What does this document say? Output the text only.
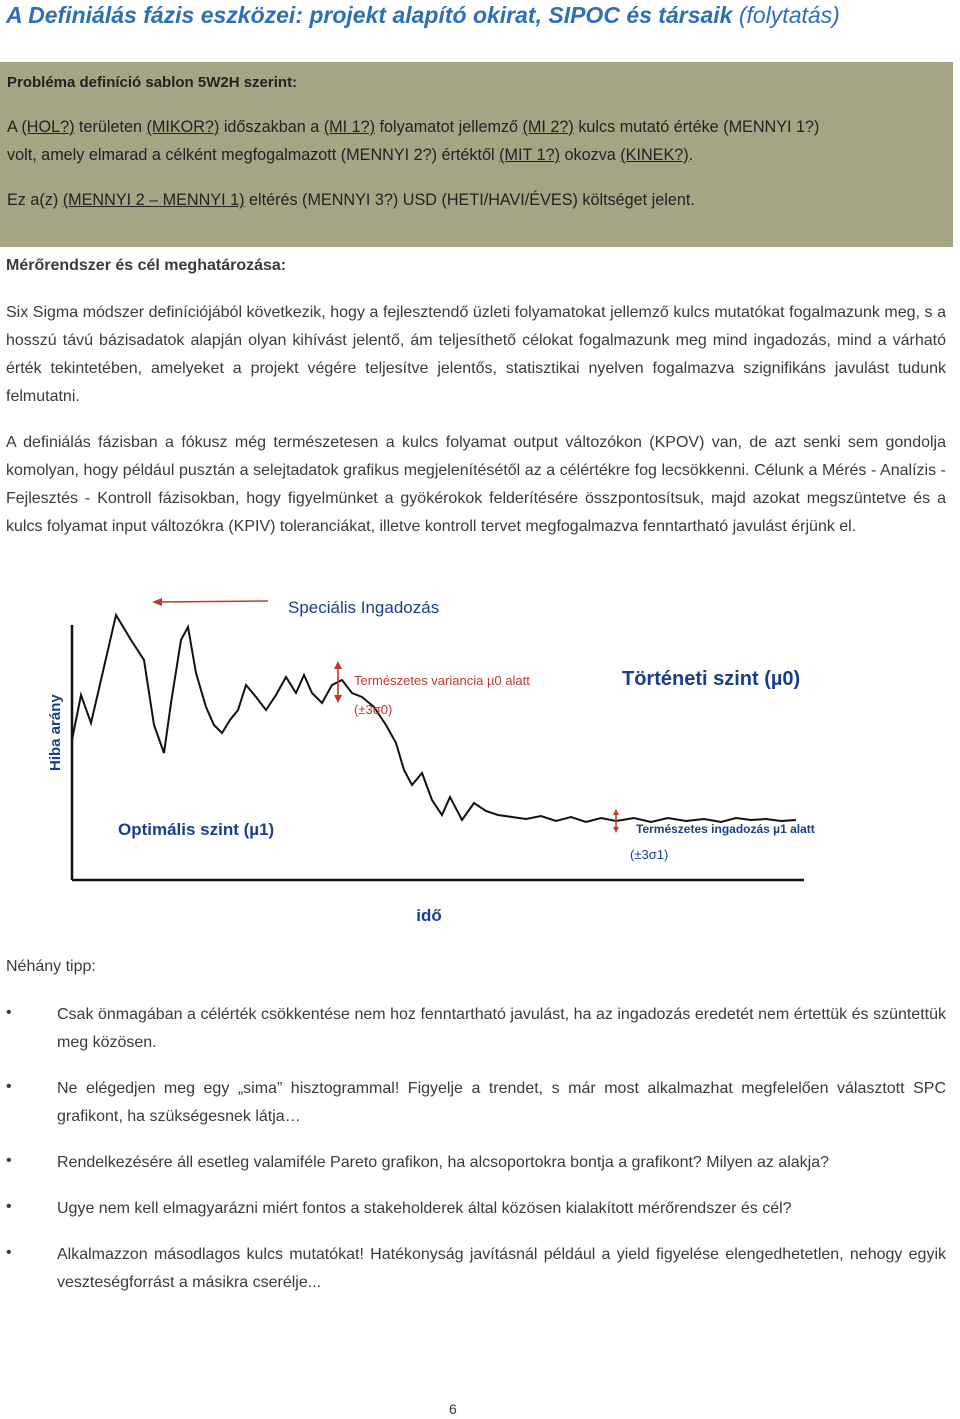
A Definiálás fázis eszközei: projekt alapító okirat, SIPOC és társaik (folytatás)
Probléma definíció sablon 5W2H szerint:
A (HOL?) területen (MIKOR?) időszakban a (MI 1?) folyamatot jellemző (MI 2?) kulcs mutató értéke (MENNYI 1?)
volt, amely elmarad a célként megfogalmazott (MENNYI 2?) értéktől (MIT 1?) okozva (KINEK?).
Ez a(z) (MENNYI 2 – MENNYI 1) eltérés (MENNYI 3?) USD (HETI/HAVI/ÉVES) költséget jelent.
Mérőrendszer és cél meghatározása:
Six Sigma módszer definíciójából következik, hogy a fejlesztendő üzleti folyamatokat jellemző kulcs mutatókat fogalmazunk meg, s a hosszú távú bázisadatok alapján olyan kihívást jelentő, ám teljesíthető célokat fogalmazunk meg mind ingadozás, mind a várható érték tekintetében, amelyeket a projekt végére teljesítve jelentős, statisztikai nyelven fogalmazva szignifikáns javulást tudunk felmutatni.
A definiálás fázisban a fókusz még természetesen a kulcs folyamat output változókon (KPOV) van, de azt senki sem gondolja komolyan, hogy például pusztán a selejtadatok grafikus megjelenítésétől az a célértékre fog lecsökkenni. Célunk a Mérés - Analízis - Fejlesztés - Kontroll fázisokban, hogy figyelmünket a gyökérokok felderítésére összpontosítsuk, majd azokat megszüntetve és a kulcs folyamat input változókra (KPIV) toleranciákat, illetve kontroll tervet megfogalmazva fenntartható javulást érjünk el.
Hiba arány
idő
Speciális Ingadozás
Természetes variancia µ0 alatt
(±3σ0)
Történeti szint (µ0)
Optimális szint (µ1)	Természetes ingadozás µ1 alatt
(±3σ1)
Néhány tipp:
•	Csak önmagában a célérték csökkentése nem hoz fenntartható javulást, ha az ingadozás eredetét nem értettük és szüntettük meg közösen.
•	Ne elégedjen meg egy „sima” hisztogrammal! Figyelje a trendet, s már most alkalmazhat megfelelően választott SPC grafikont, ha szükségesnek látja…
•	Rendelkezésére áll esetleg valamiféle Pareto grafikon, ha alcsoportokra bontja a grafikont? Milyen az alakja?
•	Ugye nem kell elmagyarázni miért fontos a stakeholderek által közösen kialakított mérőrendszer és cél?
•	Alkalmazzon másodlagos kulcs mutatókat! Hatékonyság javításnál például a yield figyelése elengedhetetlen, nehogy egyik veszteségforrást a másikra cserélje...
6
